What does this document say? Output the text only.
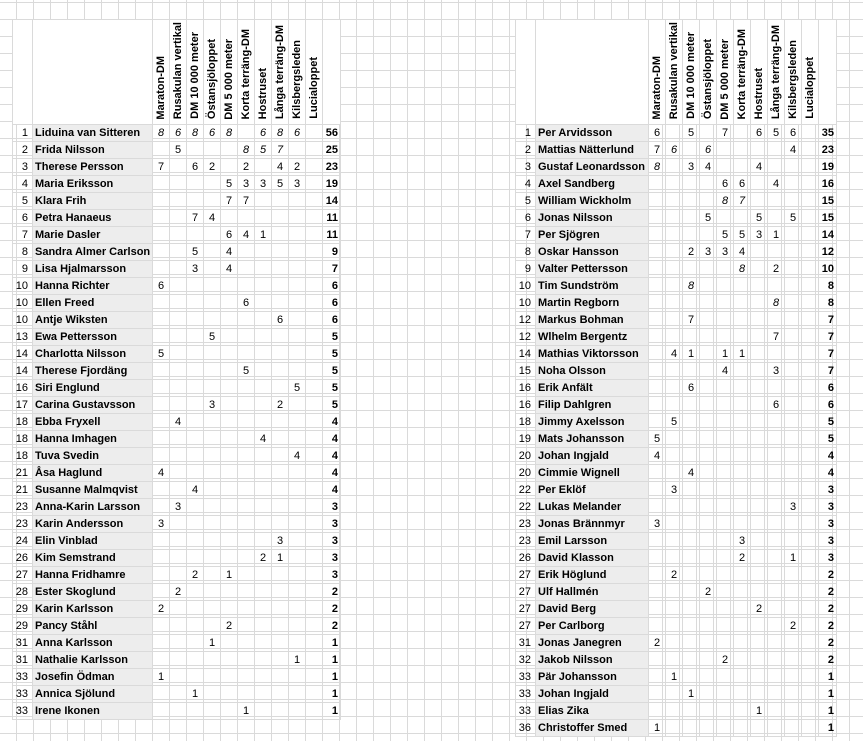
		Maraton-DM	Rusakulan vertikal	DM 10 000 meter	Östansjöloppet	DM 5 000 meter	Korta terräng-DM	Hostruset	Långa terräng-DM	Kilsbergsleden	Lucialoppet	
1	Liduina van Sitteren	8	6	8	6	8		6	8	6		56
2	Frida Nilsson		5				8	5	7			25
3	Therese Persson	7		6	2		2		4	2		23
4	Maria Eriksson					5	3	3	5	3		19
5	Klara Frih					7	7					14
6	Petra Hanaeus			7	4							11
7	Marie Dasler					6	4	1				11
8	Sandra Almer Carlson			5		4						9
9	Lisa Hjalmarsson			3		4						7
10	Hanna Richter	6										6
10	Ellen Freed						6					6
10	Antje Wiksten								6			6
13	Ewa Pettersson				5							5
14	Charlotta Nilsson	5										5
14	Therese Fjordäng						5					5
16	Siri Englund									5		5
17	Carina Gustavsson				3				2			5
18	Ebba Fryxell		4									4
18	Hanna Imhagen							4				4
18	Tuva Svedin									4		4
21	Åsa Haglund	4										4
21	Susanne Malmqvist			4								4
23	Anna-Karin Larsson		3									3
23	Karin Andersson	3										3
24	Elin Vinblad								3			3
26	Kim Semstrand							2	1			3
27	Hanna Fridhamre			2		1						3
28	Ester Skoglund		2									2
29	Karin Karlsson	2										2
29	Pancy Ståhl					2						2
31	Anna Karlsson				1							1
31	Nathalie Karlsson									1		1
33	Josefin Ödman	1										1
33	Annica Sjölund			1								1
33	Irene Ikonen						1					1
		Maraton-DM	Rusakulan vertikal	DM 10 000 meter	Östansjöloppet	DM 5 000 meter	Korta terräng-DM	Hostruset	Långa terräng-DM	Kilsbergsleden	Lucialoppet	
1	Per Arvidsson	6		5		7		6	5	6		35
2	Mattias Nätterlund	7	6		6					4		23
3	Gustaf Leonardsson	8		3	4			4				19
4	Axel Sandberg					6	6		4			16
5	William Wickholm					8	7					15
6	Jonas Nilsson				5			5		5		15
7	Per Sjögren					5	5	3	1			14
8	Oskar Hansson			2	3	3	4					12
9	Valter Pettersson						8		2			10
10	Tim Sundström			8								8
10	Martin Regborn								8			8
12	Markus Bohman			7								7
12	Wlhelm Bergentz								7			7
14	Mathias Viktorsson		4	1		1	1					7
15	Noha Olsson					4			3			7
16	Erik Anfält			6								6
16	Filip Dahlgren								6			6
18	Jimmy Axelsson		5									5
19	Mats Johansson	5										5
20	Johan Ingjald	4										4
20	Cimmie Wignell			4								4
22	Per Eklöf		3									3
22	Lukas Melander									3		3
23	Jonas Brännmyr	3										3
23	Emil Larsson						3					3
26	David Klasson						2			1		3
27	Erik Höglund		2									2
27	Ulf Hallmén				2							2
27	David Berg							2				2
27	Per Carlborg									2		2
31	Jonas Janegren	2										2
32	Jakob Nilsson					2						2
33	Pär Johansson		1									1
33	Johan Ingjald			1								1
33	Elias Zika							1				1
36	Christoffer Smed	1										1
